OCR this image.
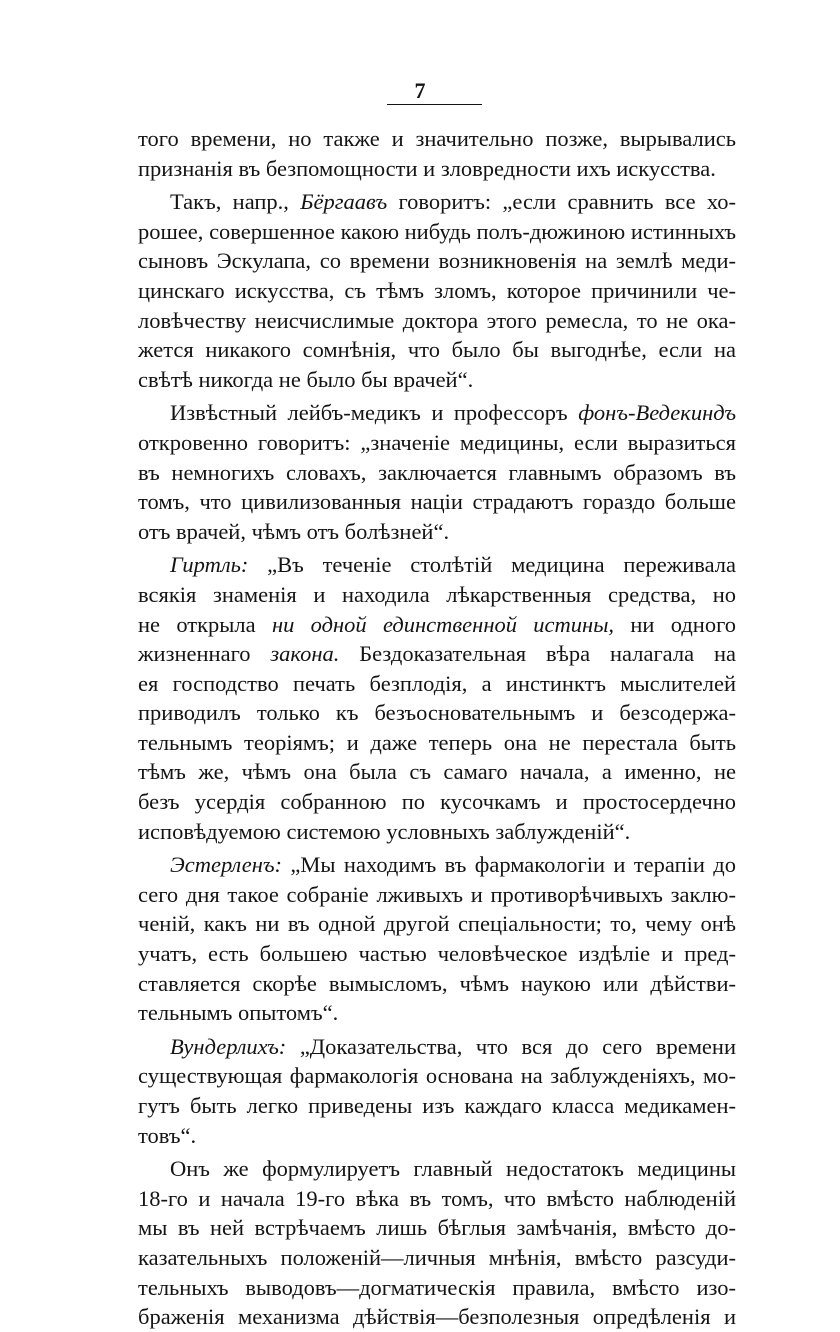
7
того времени, но также и значительно позже, вырывались
признанія въ безпомощности и зловредности ихъ искусства.
Такъ, напр., Бёргаавъ говоритъ: „если сравнить все хо-
рошее, совершенное какою нибудь полъ-дюжиною истинныхъ
сыновъ Эскулапа, со времени возникновенія на землѣ меди-
цинскаго искусства, съ тѣмъ зломъ, которое причинили че-
ловѣчеству неисчислимые доктора этого ремесла, то не ока-
жется никакого сомнѣнія, что было бы выгоднѣе, если на
свѣтѣ никогда не было бы врачей“.
Извѣстный лейбъ-медикъ и профессоръ фонъ-Ведекиндъ
откровенно говоритъ: „значеніе медицины, если выразиться
въ немногихъ словахъ, заключается главнымъ образомъ въ
томъ, что цивилизованныя націи страдаютъ гораздо больше
отъ врачей, чѣмъ отъ болѣзней“.
Гиртль: „Въ теченіе столѣтій медицина переживала
всякія знаменія и находила лѣкарственныя средства, но
не открыла ни одной единственной истины, ни одного
жизненнаго закона. Бездоказательная вѣра налагала на
ея господство печать безплодія, а инстинктъ мыслителей
приводилъ только къ безъосновательнымъ и безсодержа-
тельнымъ теоріямъ; и даже теперь она не перестала быть
тѣмъ же, чѣмъ она была съ самаго начала, а именно, не
безъ усердія собранною по кусочкамъ и простосердечно
исповѣдуемою системою условныхъ заблужденій“.
Эстерленъ: „Мы находимъ въ фармакологіи и терапіи до
сего дня такое собраніе лживыхъ и противорѣчивыхъ заклю-
ченій, какъ ни въ одной другой спеціальности; то, чему онѣ
учатъ, есть большею частью человѣческое издѣліе и пред-
ставляется скорѣе вымысломъ, чѣмъ наукою или дѣйстви-
тельнымъ опытомъ“.
Вундерлихъ: „Доказательства, что вся до сего времени
существующая фармакологія основана на заблужденіяхъ, мо-
гутъ быть легко приведены изъ каждаго класса медикамен-
товъ“.
Онъ же формулируетъ главный недостатокъ медицины
18-го и начала 19-го вѣка въ томъ, что вмѣсто наблюденій
мы въ ней встрѣчаемъ лишь бѣглыя замѣчанія, вмѣсто до-
казательныхъ положеній—личныя мнѣнія, вмѣсто разсуди-
тельныхъ выводовъ—догматическія правила, вмѣсто изо-
браженія механизма дѣйствія—безполезныя опредѣленія и
